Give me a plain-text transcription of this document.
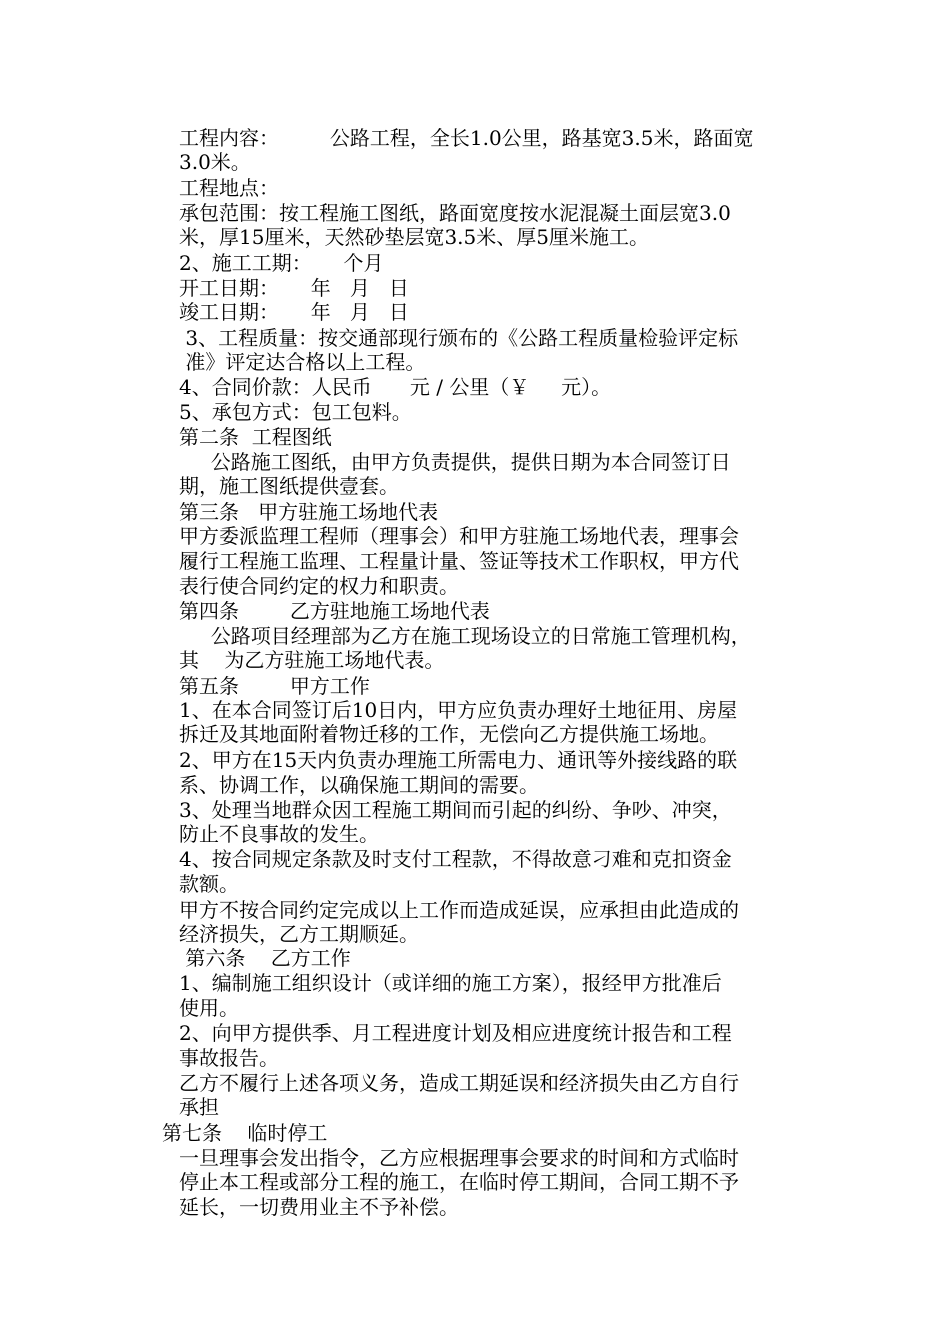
工程内容：        公路工程，全长1.0公里，路基宽3.5米，路面宽
3.0米。
工程地点：
承包范围：按工程施工图纸，路面宽度按水泥混凝土面层宽3.0
米，厚15厘米，天然砂垫层宽3.5米、厚5厘米施工。
2、施工工期：     个月
开工日期：     年   月   日
竣工日期：     年   月   日
3、工程质量：按交通部现行颁布的《公路工程质量检验评定标
准》评定达合格以上工程。
4、合同价款：人民币      元 / 公里（￥     元）。
5、承包方式：包工包料。
第二条  工程图纸
公路施工图纸，由甲方负责提供，提供日期为本合同签订日
期，施工图纸提供壹套。
第三条   甲方驻施工场地代表
甲方委派监理工程师（理事会）和甲方驻施工场地代表，理事会
履行工程施工监理、工程量计量、签证等技术工作职权，甲方代
表行使合同约定的权力和职责。
第四条        乙方驻地施工场地代表
公路项目经理部为乙方在施工现场设立的日常施工管理机构，
其    为乙方驻施工场地代表。
第五条        甲方工作
1、在本合同签订后10日内，甲方应负责办理好土地征用、房屋
拆迁及其地面附着物迁移的工作，无偿向乙方提供施工场地。
2、甲方在15天内负责办理施工所需电力、通讯等外接线路的联
系、协调工作，以确保施工期间的需要。
3、处理当地群众因工程施工期间而引起的纠纷、争吵、冲突，
防止不良事故的发生。
4、按合同规定条款及时支付工程款，不得故意刁难和克扣资金
款额。
甲方不按合同约定完成以上工作而造成延误，应承担由此造成的
经济损失，乙方工期顺延。
第六条    乙方工作
1、编制施工组织设计（或详细的施工方案），报经甲方批准后
使用。
2、向甲方提供季、月工程进度计划及相应进度统计报告和工程
事故报告。
乙方不履行上述各项义务，造成工期延误和经济损失由乙方自行
承担
第七条    临时停工
一旦理事会发出指令，乙方应根据理事会要求的时间和方式临时
停止本工程或部分工程的施工，在临时停工期间，合同工期不予
延长，一切费用业主不予补偿。
